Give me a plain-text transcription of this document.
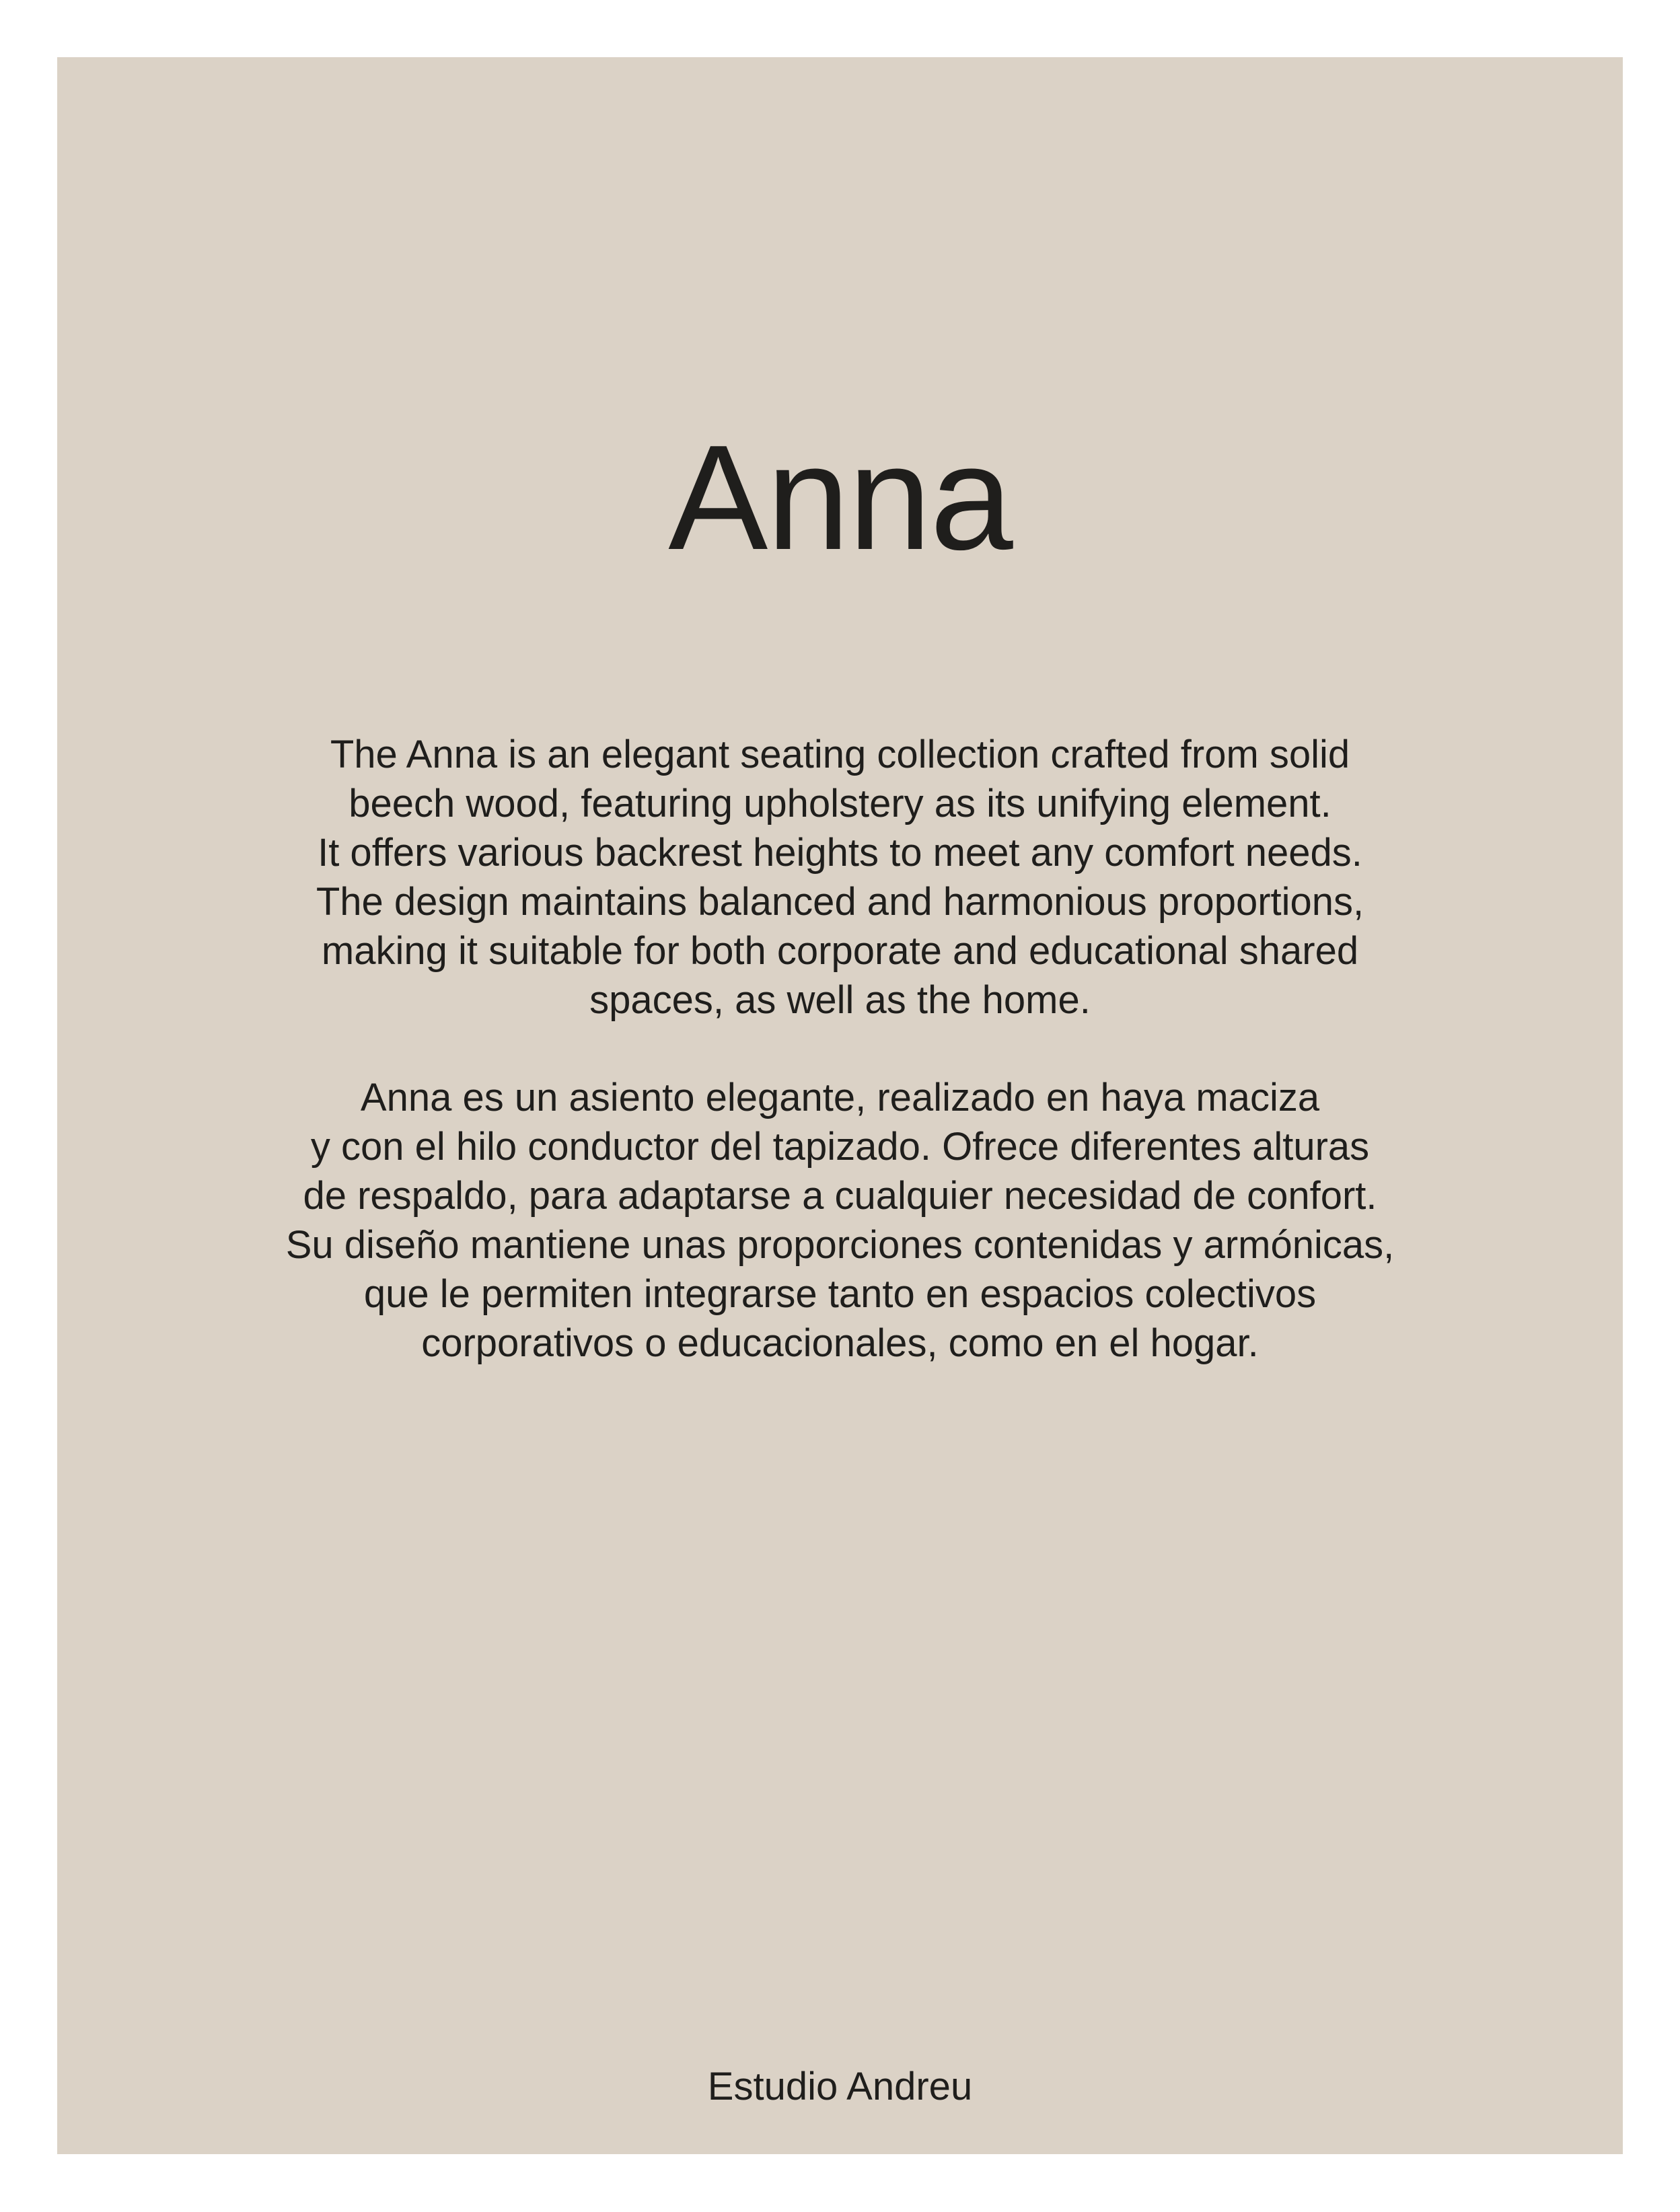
Anna

The Anna is an elegant seating collection crafted from solid
beech wood, featuring upholstery as its unifying element.
It offers various backrest heights to meet any comfort needs.
The design maintains balanced and harmonious proportions,
making it suitable for both corporate and educational shared
spaces, as well as the home.

Anna es un asiento elegante, realizado en haya maciza
y con el hilo conductor del tapizado. Ofrece diferentes alturas
de respaldo, para adaptarse a cualquier necesidad de confort.
Su diseño mantiene unas proporciones contenidas y armónicas,
que le permiten integrarse tanto en espacios colectivos
corporativos o educacionales, como en el hogar.

Estudio Andreu
